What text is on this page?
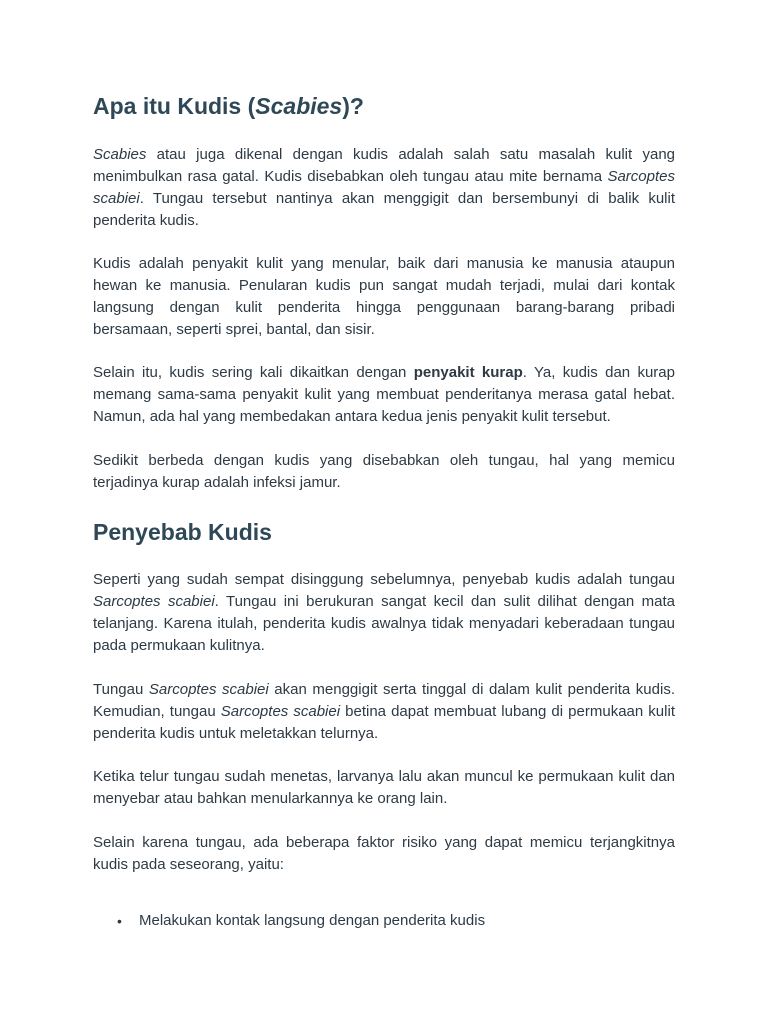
Apa itu Kudis (Scabies)?

Scabies atau juga dikenal dengan kudis adalah salah satu masalah kulit yang menimbulkan rasa gatal. Kudis disebabkan oleh tungau atau mite bernama Sarcoptes scabiei. Tungau tersebut nantinya akan menggigit dan bersembunyi di balik kulit penderita kudis.

Kudis adalah penyakit kulit yang menular, baik dari manusia ke manusia ataupun hewan ke manusia. Penularan kudis pun sangat mudah terjadi, mulai dari kontak langsung dengan kulit penderita hingga penggunaan barang-barang pribadi bersamaan, seperti sprei, bantal, dan sisir.

Selain itu, kudis sering kali dikaitkan dengan penyakit kurap. Ya, kudis dan kurap memang sama-sama penyakit kulit yang membuat penderitanya merasa gatal hebat. Namun, ada hal yang membedakan antara kedua jenis penyakit kulit tersebut.

Sedikit berbeda dengan kudis yang disebabkan oleh tungau, hal yang memicu terjadinya kurap adalah infeksi jamur.

Penyebab Kudis

Seperti yang sudah sempat disinggung sebelumnya, penyebab kudis adalah tungau Sarcoptes scabiei. Tungau ini berukuran sangat kecil dan sulit dilihat dengan mata telanjang. Karena itulah, penderita kudis awalnya tidak menyadari keberadaan tungau pada permukaan kulitnya.

Tungau Sarcoptes scabiei akan menggigit serta tinggal di dalam kulit penderita kudis. Kemudian, tungau Sarcoptes scabiei betina dapat membuat lubang di permukaan kulit penderita kudis untuk meletakkan telurnya.

Ketika telur tungau sudah menetas, larvanya lalu akan muncul ke permukaan kulit dan menyebar atau bahkan menularkannya ke orang lain.

Selain karena tungau, ada beberapa faktor risiko yang dapat memicu terjangkitnya kudis pada seseorang, yaitu:

• Melakukan kontak langsung dengan penderita kudis
